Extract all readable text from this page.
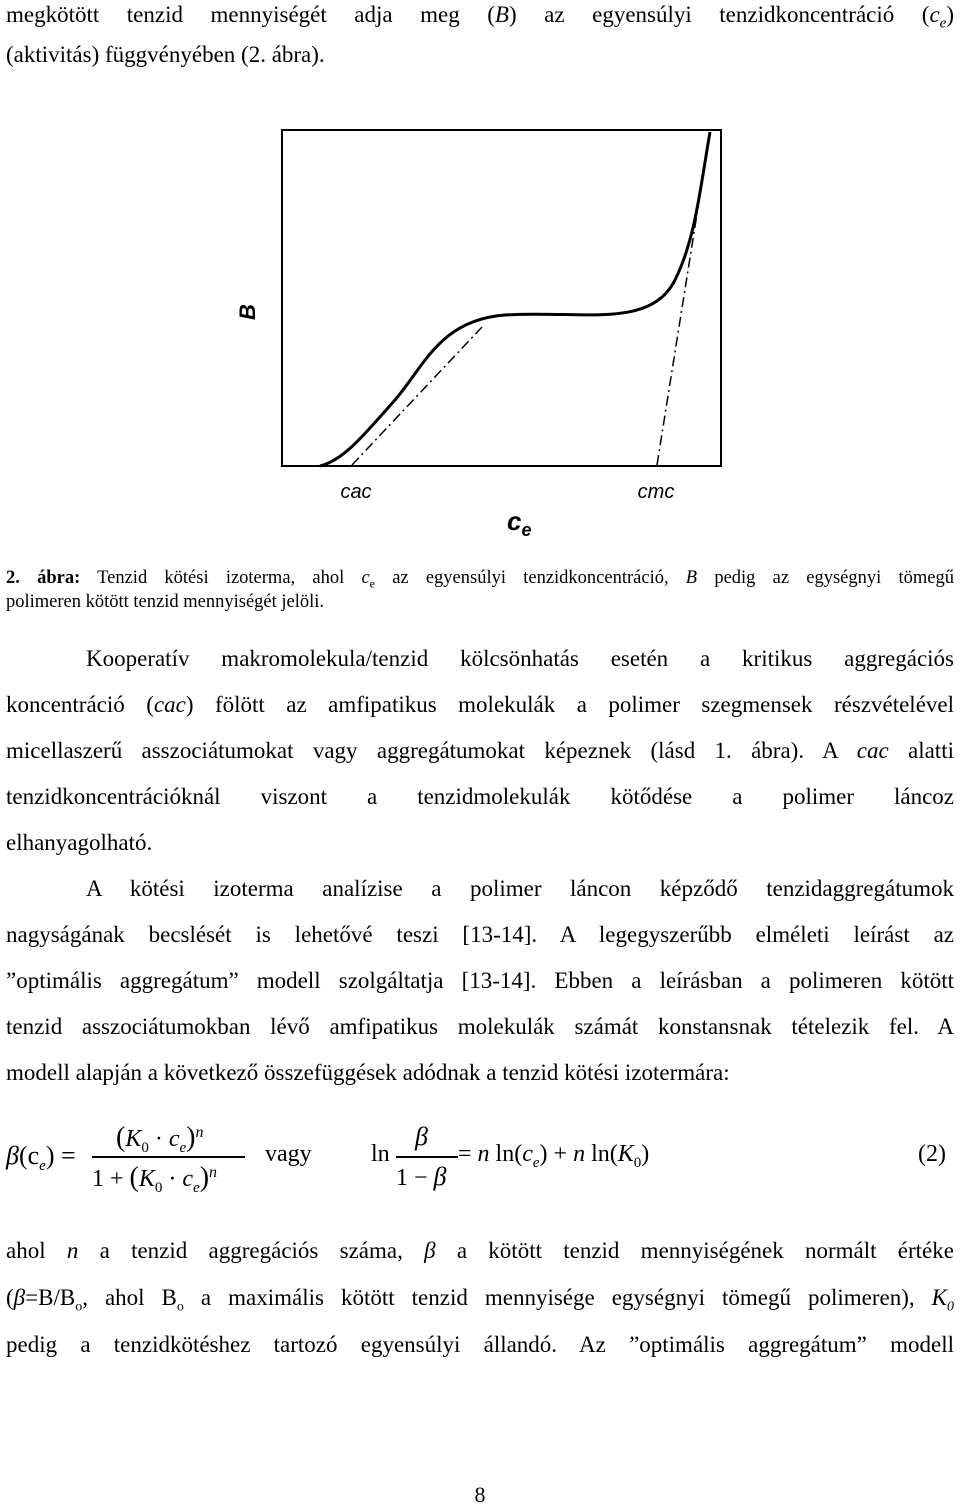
megkötött tenzid mennyiségét adja meg (B) az egyensúlyi tenzidkoncentráció $(c_e)$
(aktivitás) függvényében (2. ábra).
B
cac	cmc
$c_e$
2. ábra: Tenzid kötési izoterma, ahol $c_e$ az egyensúlyi tenzidkoncentráció, B pedig az egységnyi tömegű
polimeren kötött tenzid mennyiségét jelöli.
Kooperatív makromolekula/tenzid kölcsönhatás esetén a kritikus aggregációs
koncentráció (cac) fölött az amfipatikus molekulák a polimer szegmensek részvételével
micellaszerű asszociátumokat vagy aggregátumokat képeznek (lásd 1. ábra). A cac alatti
tenzidkoncentrációknál viszont a tenzidmolekulák kötődése a polimer láncoz
elhanyagolható.
A kötési izoterma analízise a polimer láncon képződő tenzidaggregátumok
nagyságának becslését is lehetővé teszi [13-14]. A legegyszerűbb elméleti leírást az
”optimális aggregátum” modell szolgáltatja [13-14]. Ebben a leírásban a polimeren kötött
tenzid asszociátumokban lévő amfipatikus molekulák számát konstansnak tételezik fel. A
modell alapján a következő összefüggések adódnak a tenzid kötési izotermára:
$\beta(c_e)$ =
$(K_0 \cdot c_e)^n$
$1 + (K_0 \cdot c_e)^n$
vagy ln
β
1 − β
= n $\ln(c_e) + n$ $\ln(K_0)$	(2)
ahol n a tenzid aggregációs száma, β a kötött tenzid mennyiségének normált értéke
($\beta=B/B_o$, ahol $B_o$ a maximális kötött tenzid mennyisége egységnyi tömegű polimeren), $K_0$
pedig a tenzidkötéshez tartozó egyensúlyi állandó. Az ”optimális aggregátum” modell
8
